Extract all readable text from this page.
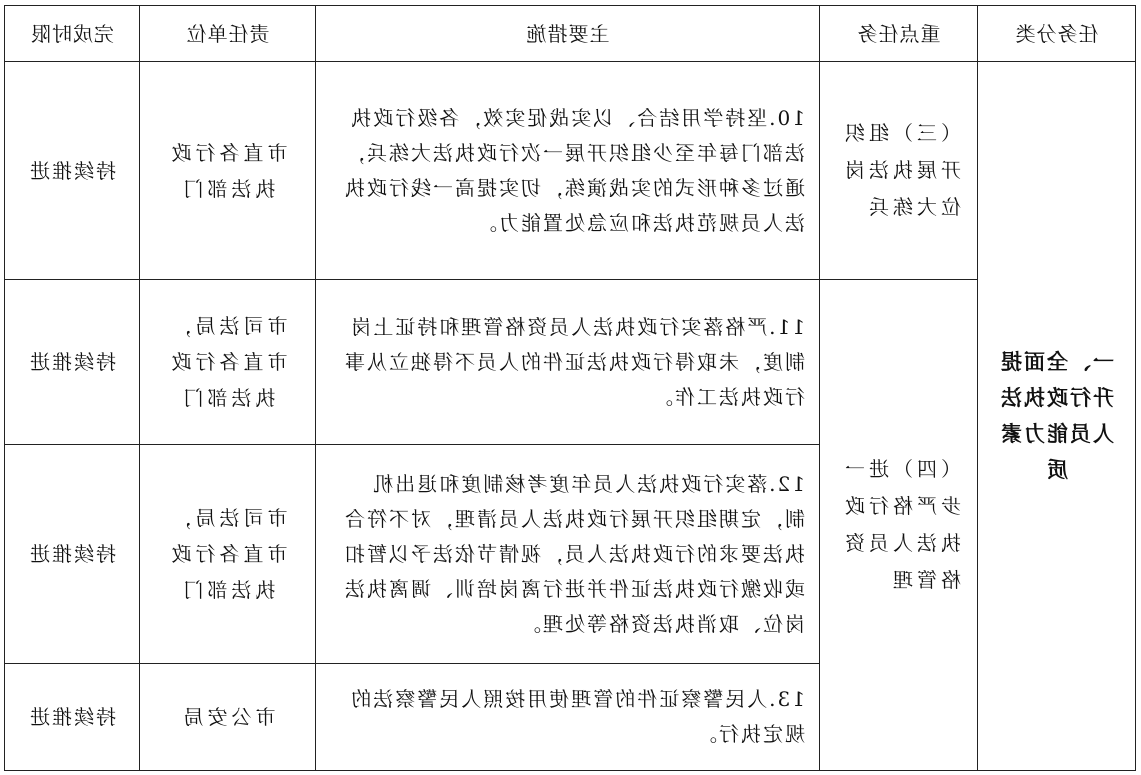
任务分类	重点任务	主要措施	责任单位	完成时限
一、全面提升行政执法人员能力素质	（三）组织开展执法岗位大练兵	10.坚持学用结合、以实战促实效，各级行政执法部门每年至少组织开展一次行政执法大练兵，通过多种形式的实战演练，切实提高一线行政执法人员规范执法和应急处置能力。	市直各行政执法部门	持续推进
	（四）进一步严格行政执法人员资格管理	11.严格落实行政执法人员资格管理和持证上岗制度，未取得行政执法证件的人员不得独立从事行政执法工作。	市司法局，市直各行政执法部门	持续推进
		12.落实行政执法人员年度考核制度和退出机制，定期组织开展行政执法人员清理，对不符合执法要求的行政执法人员，视情节依法予以暂扣或收缴行政执法证件并进行离岗培训、调离执法岗位、取消执法资格等处理。	市司法局，市直各行政执法部门	持续推进
		13.人民警察证件的管理使用按照人民警察法的规定执行。	市公安局	持续推进
